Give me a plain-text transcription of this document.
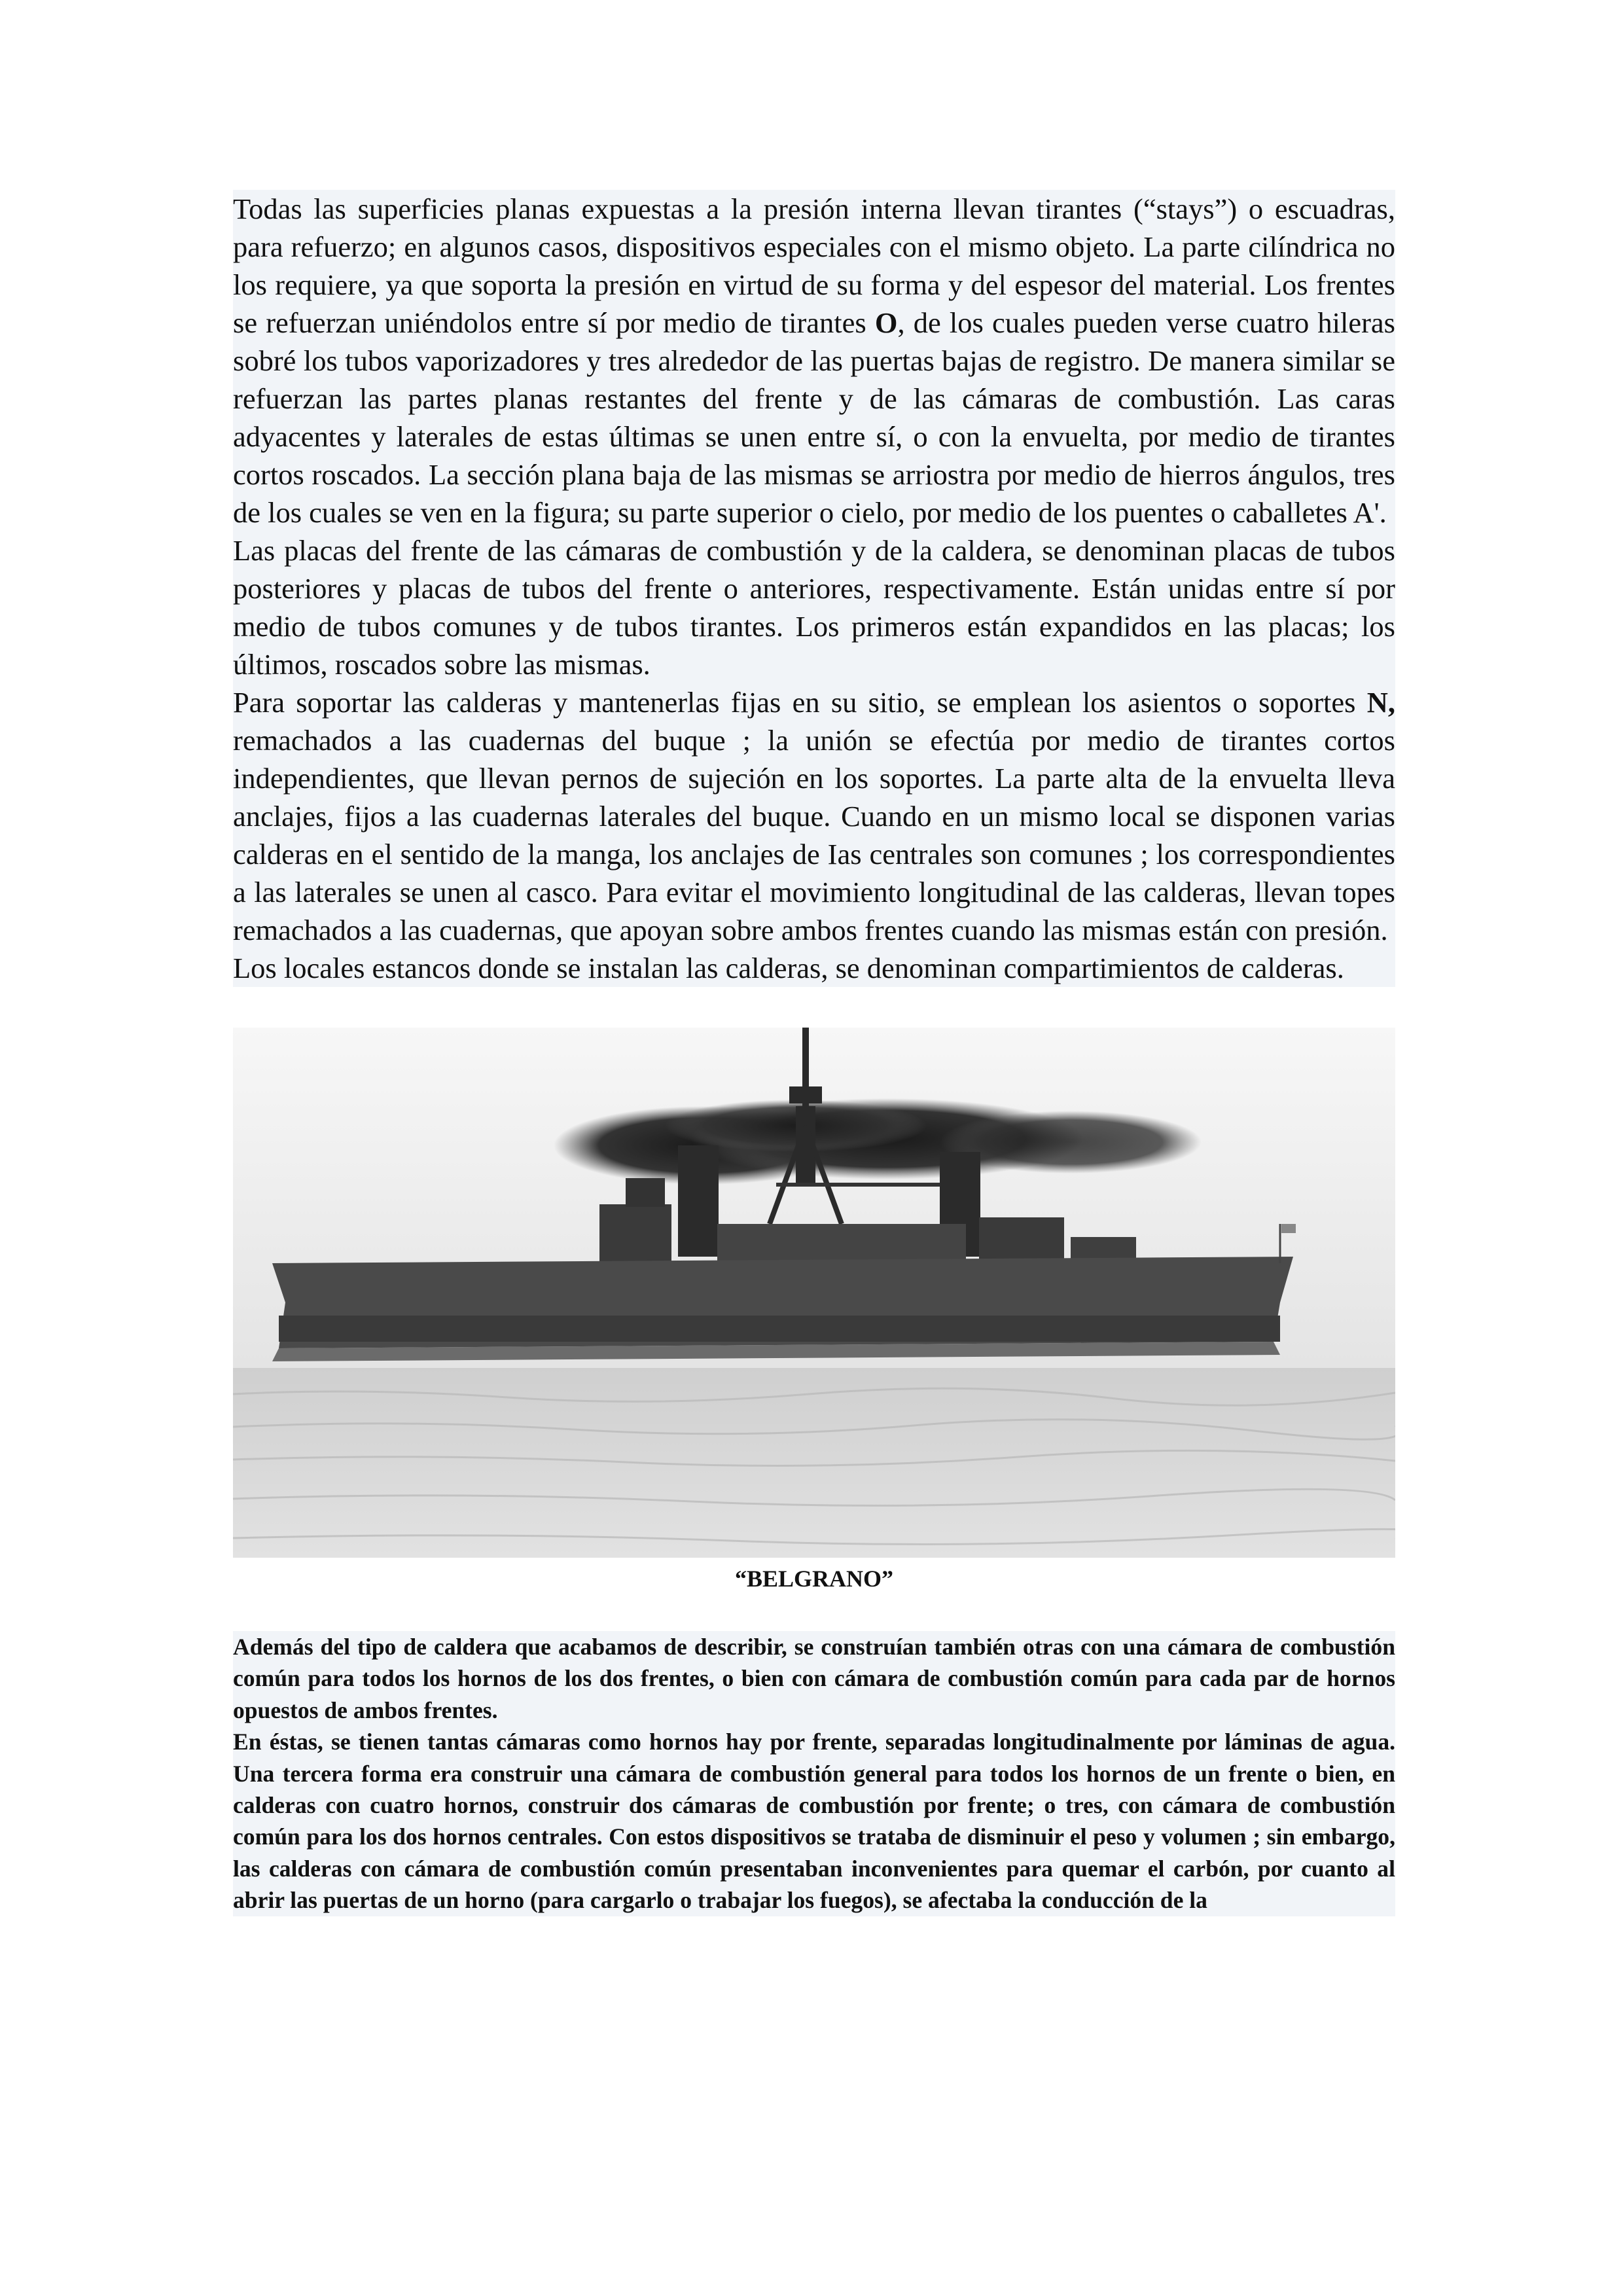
Todas las superficies planas expuestas a la presión interna llevan tirantes (“stays”) o escuadras, para refuerzo; en algunos casos, dispositivos especiales con el mismo objeto. La parte cilíndrica no los requiere, ya que soporta la presión en virtud de su forma y del espesor del material. Los frentes se refuerzan uniéndolos entre sí por medio de tirantes O, de los cuales pueden verse cuatro hileras sobré los tubos vaporizadores y tres alrededor de las puertas bajas de registro. De manera similar se refuerzan las partes planas restantes del frente y de las cámaras de combustión. Las caras adyacentes y laterales de estas últimas se unen entre sí, o con la envuelta, por medio de tirantes cortos roscados. La sección plana baja de las mismas se arriostra por medio de hierros ángulos, tres de los cuales se ven en la figura; su parte superior o cielo, por medio de los puentes o caballetes A'.

Las placas del frente de las cámaras de combustión y de la caldera, se denominan placas de tubos posteriores y placas de tubos del frente o anteriores, respectivamente. Están unidas entre sí por medio de tubos comunes y de tubos tirantes. Los primeros están expandidos en las placas; los últimos, roscados sobre las mismas.

Para soportar las calderas y mantenerlas fijas en su sitio, se emplean los asientos o soportes N, remachados a las cuadernas del buque ; la unión se efectúa por medio de tirantes cortos independientes, que llevan pernos de sujeción en los soportes. La parte alta de la envuelta lleva anclajes, fijos a las cuadernas laterales del buque. Cuando en un mismo local se disponen varias calderas en el sentido de la manga, los anclajes de Ias centrales son comunes ; los correspondientes a las laterales se unen al casco. Para evitar el movimiento longitudinal de las calderas, llevan topes remachados a las cuadernas, que apoyan sobre ambos frentes cuando las mismas están con presión.

Los locales estancos donde se instalan las calderas, se denominan compartimientos de calderas.

“BELGRANO”

Además del tipo de caldera que acabamos de describir, se construían también otras con una cámara de combustión común para todos los hornos de los dos frentes, o bien con cámara de combustión común para cada par de hornos opuestos de ambos frentes.

En éstas, se tienen tantas cámaras como hornos hay por frente, separadas longitudinalmente por láminas de agua. Una tercera forma era construir una cámara de combustión general para todos los hornos de un frente o bien, en calderas con cuatro hornos, construir dos cámaras de combustión por frente; o tres, con cámara de combustión común para los dos hornos centrales. Con estos dispositivos se trataba de disminuir el peso y volumen ; sin embargo, las calderas con cámara de combustión común presentaban inconvenientes para quemar el carbón, por cuanto al abrir las puertas de un horno (para cargarlo o trabajar los fuegos), se afectaba la conducción de la
